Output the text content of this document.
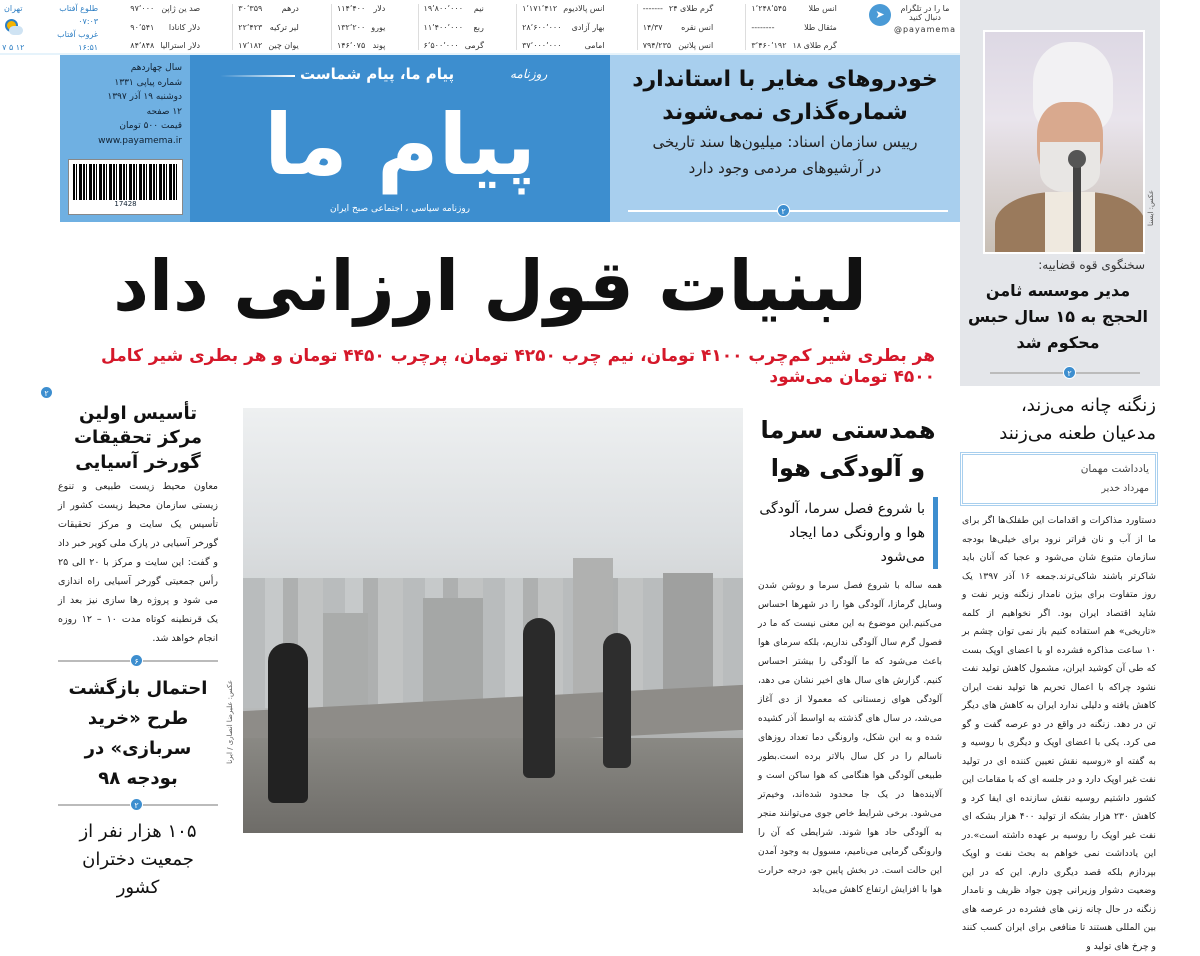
ما را در تلگرام
دنبال کنید
@payamema
➤
انس طلا
۱٬۲۴۸٬۵۴۵
مثقال طلا
--------
گرم طلای ۱۸
۳٬۴۶۰٬۱۹۲
گرم طلای ۲۴
-------
انس نقره
۱۴/۳۷
انس پلاتین
۷۹۴/۲۳۵
انس پالادیوم
۱٬۱۷۱٬۴۱۲
بهار آزادی
۲۸٬۶۰۰٬۰۰۰
امامی
۳۷٬۰۰۰٬۰۰۰
نیم
۱۹٬۸۰۰٬۰۰۰
ربع
۱۱٬۴۰۰٬۰۰۰
گرمی
۶٬۵۰۰٬۰۰۰
دلار
۱۱۴٬۴۰۰
یورو
۱۳۲٬۲۰۰
پوند
۱۴۶٬۰۷۵
درهم
۳۰٬۳۵۹
لیر ترکیه
۲۲٬۴۲۳
یوان چین
۱۷٬۱۸۲
صد ین ژاپن
۹۷٬۰۰۰
دلار کانادا
۹۰٬۵۴۱
دلار استرالیا
۸۴٬۸۴۸
طلوع آفتاب
۰۷:۰۳
غروب آفتاب
۱۶:۵۱
تهران
۱۲ ۵ ۷
عکس: ایسنا
سخنگوی قوه قضاییه:
مدیر موسسه ثامن الحجج به ۱۵ سال حبس محکوم شد
۲
سال چهاردهم
شماره پیاپی ۱۳۳۱
دوشنبه ۱۹ آذر ۱۳۹۷
۱۲ صفحه
قیمت ۵۰۰ تومان
www.payamema.ir
17428
پیام ما، پیام شماست	روزنامه
پیام ما
روزنامه سیاسی ، اجتماعی صبح ایران
خودروهای مغایر با استاندارد
شماره‌گذاری نمی‌شوند
رییس سازمان اسناد: میلیون‌ها سند تاریخی
در آرشیوهای مردمی وجود دارد
۲
لبنیات قول ارزانی داد
هر بطری شیر کم‌چرب ۴۱۰۰ تومان، نیم چرب ۴۲۵۰ تومان، پرچرب ۴۴۵۰ تومان و هر بطری شیر کامل ۴۵۰۰ تومان می‌شود
۲
تأسیس اولین مرکز تحقیقات گورخر آسیایی
معاون محیط زیست طبیعی و تنوع زیستی سازمان محیط زیست کشور از تأسیس یک سایت و مرکز تحقیقات گورخر آسیایی در پارک ملی کویر خبر داد و گفت: این سایت و مرکز با ۲۰ الی ۲۵ رأس جمعیتی گورخر آسیایی راه اندازی می شود و پروژه رها سازی نیز بعد از یک قرنطینه کوتاه مدت ۱۰ – ۱۲ روزه انجام خواهد شد.
۶
احتمال بازگشت طرح «خرید سربازی» در بودجه ۹۸
۲
۱۰۵ هزار نفر از جمعیت دختران کشور
عکس: علیرضا انصاری / ایرنا
همدستی سرما و آلودگی هوا
با شروع فصل سرما، آلودگی هوا و وارونگی دما ایجاد می‌شود
همه ساله با شروع فصل سرما و روشن شدن وسایل گرمازا، آلودگی هوا را در شهرها احساس می‌کنیم.این موضوع به این معنی نیست که ما در فصول گرم سال آلودگی نداریم، بلکه سرمای هوا باعث می‌شود که ما آلودگی را بیشتر احساس کنیم. گزارش های سال های اخیر نشان می دهد، آلودگی هوای زمستانی که معمولا از دی آغاز می‌شد، در سال های گذشته به اواسط آذر کشیده شده و به این شکل، وارونگی دما تعداد روزهای ناسالم را در کل سال بالاتر برده است.بطور طبیعی آلودگی هوا هنگامی که هوا ساکن است و آلاینده‌ها در یک جا محدود شده‌اند، وخیم‌تر می‌شود. برخی شرایط خاص جوی می‌توانند منجر به آلودگی حاد هوا شوند. شرایطی که آن را وارونگی گرمایی می‌نامیم، مسوول به وجود آمدن این حالت است. در بخش پایین جو، درجه حرارت هوا با افزایش ارتفاع کاهش می‌یابد
زنگنه چانه می‌زند، مدعیان طعنه می‌زنند
یادداشت مهمان
مهرداد خدیر
دستاورد مذاکرات و اقدامات این طفلک‌ها اگر برای ما از آب و نان فراتر نرود برای خیلی‌ها بودجه سازمان متبوع شان می‌شود و عجبا که آنان باید شاکرتر باشند شاکی‌ترند.جمعه ۱۶ آذر ۱۳۹۷ یک روز متفاوت برای بیژن نامدار زنگنه وزیر نفت و شاید اقتصاد ایران بود. اگر نخواهیم از کلمه «تاریخی» هم استفاده کنیم باز نمی توان چشم بر ۱۰ ساعت مذاکره فشرده او با اعضای اوپک بست که طی آن کوشید ایران، مشمول کاهش تولید نفت نشود چراکه با اعمال تحریم ها تولید نفت ایران کاهش یافته و دلیلی ندارد ایران به کاهش های دیگر تن در دهد. زنگنه در واقع در دو عرصه گفت و گو می کرد. یکی با اعضای اوپک و دیگری با روسیه و به گفته او «روسیه نقش تعیین کننده ای در تولید نفت غیر اوپک دارد و در جلسه ای که با مقامات این کشور داشتیم روسیه نقش سازنده ای ایفا کرد و کاهش ۲۳۰ هزار بشکه از تولید ۴۰۰ هزار بشکه ای نفت غیر اوپک را روسیه بر عهده داشته است».در این یادداشت نمی خواهم به بحث نفت و اوپک بپردازم بلکه قصد دیگری دارم. این که در این وضعیت دشوار وزیرانی چون جواد ظریف و نامدار زنگنه در حال چانه زنی های فشرده در عرصه های بین المللی هستند تا منافعی برای ایران کسب کنند و چرخ های تولید و
